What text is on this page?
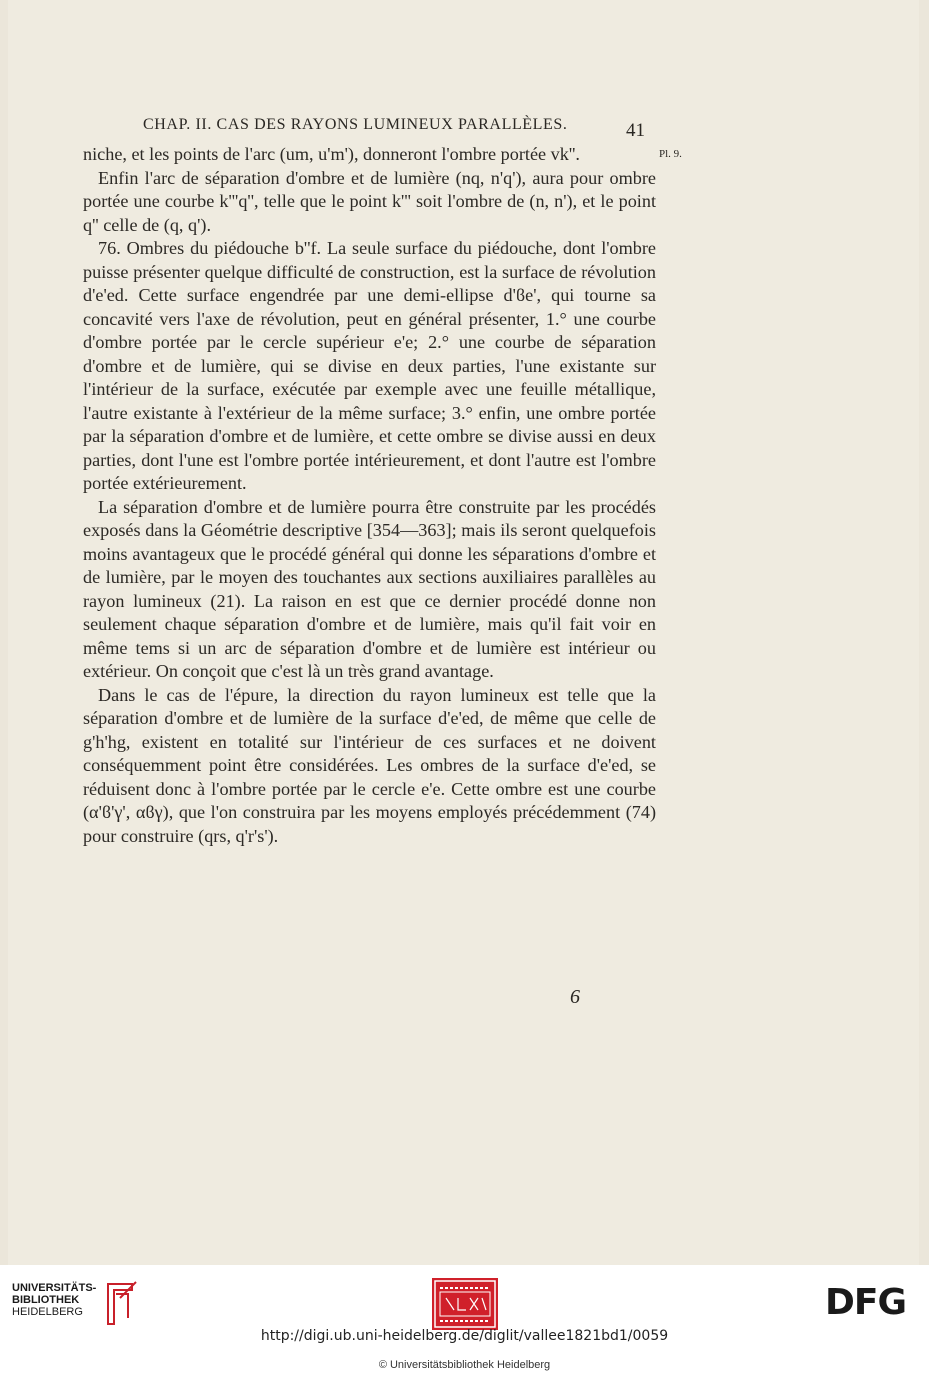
CHAP. II. CAS DES RAYONS LUMINEUX PARALLÈLES.	41
Pl. 9.

niche, et les points de l'arc (um, u'm'), donneront l'ombre portée vk''.

Enfin l'arc de séparation d'ombre et de lumière (nq, n'q'), aura pour ombre portée une courbe k'''q'', telle que le point k''' soit l'ombre de (n, n'), et le point q'' celle de (q, q').

76. Ombres du piédouche b''f. La seule surface du piédouche, dont l'ombre puisse présenter quelque difficulté de construction, est la surface de révolution d'e'ed. Cette surface engendrée par une demi-ellipse d'ϐe', qui tourne sa concavité vers l'axe de révolution, peut en général présenter, 1.° une courbe d'ombre portée par le cercle supérieur e'e; 2.° une courbe de séparation d'ombre et de lumière, qui se divise en deux parties, l'une existante sur l'intérieur de la surface, exécutée par exemple avec une feuille métallique, l'autre existante à l'extérieur de la même surface; 3.° enfin, une ombre portée par la séparation d'ombre et de lumière, et cette ombre se divise aussi en deux parties, dont l'une est l'ombre portée intérieurement, et dont l'autre est l'ombre portée extérieurement.

La séparation d'ombre et de lumière pourra être construite par les procédés exposés dans la Géométrie descriptive [354—363]; mais ils seront quelquefois moins avantageux que le procédé général qui donne les séparations d'ombre et de lumière, par le moyen des touchantes aux sections auxiliaires parallèles au rayon lumineux (21). La raison en est que ce dernier procédé donne non seulement chaque séparation d'ombre et de lumière, mais qu'il fait voir en même tems si un arc de séparation d'ombre et de lumière est intérieur ou extérieur. On conçoit que c'est là un très grand avantage.

Dans le cas de l'épure, la direction du rayon lumineux est telle que la séparation d'ombre et de lumière de la surface d'e'ed, de même que celle de g'h'hg, existent en totalité sur l'intérieur de ces surfaces et ne doivent conséquemment point être considérées. Les ombres de la surface d'e'ed, se réduisent donc à l'ombre portée par le cercle e'e. Cette ombre est une courbe (α'ϐ'γ', αϐγ), que l'on construira par les moyens employés précédemment (74) pour construire (qrs, q'r's').

6
UNIVERSITÄTS-
BIBLIOTHEK
HEIDELBERG	DFG
http://digi.ub.uni-heidelberg.de/diglit/vallee1821bd1/0059
© Universitätsbibliothek Heidelberg
